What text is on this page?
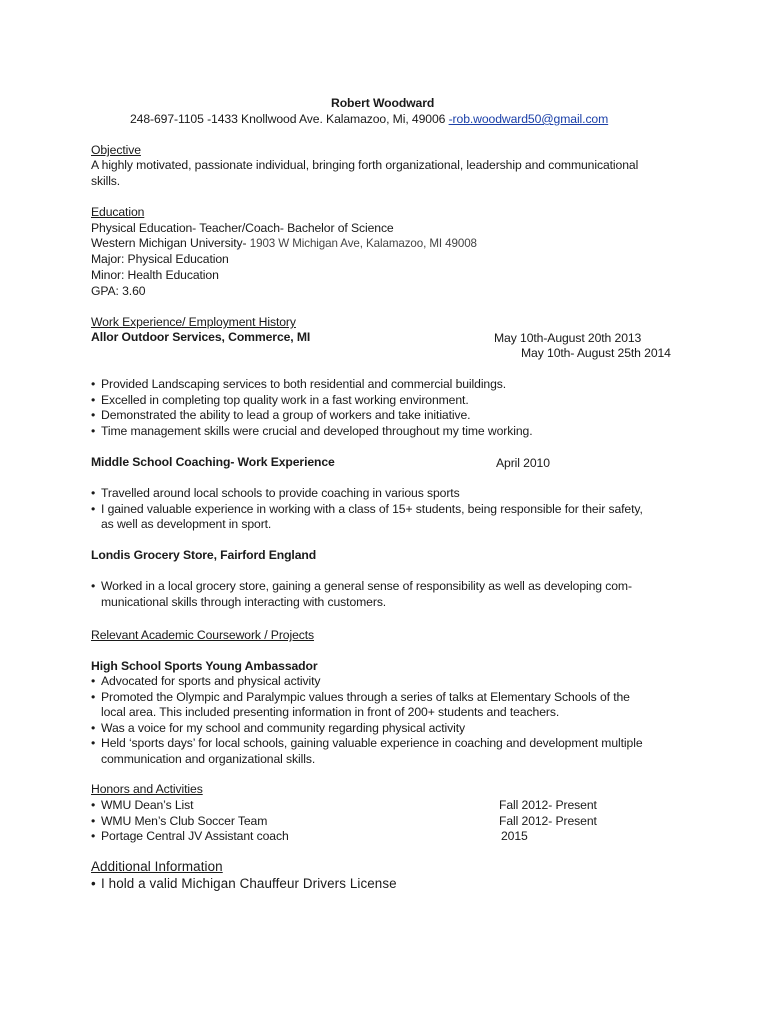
Robert Woodward
248-697-1105 -1433 Knollwood Ave. Kalamazoo, Mi, 49006 -rob.woodward50@gmail.com
Objective
A highly motivated, passionate individual, bringing forth organizational, leadership and communicational
skills.
Education
Physical Education- Teacher/Coach- Bachelor of Science
Western Michigan University- 1903 W Michigan Ave, Kalamazoo, MI 49008
Major: Physical Education
Minor: Health Education
GPA: 3.60
Work Experience/ Employment History
Allor Outdoor Services, Commerce, MI	May 10th-August 20th 2013
May 10th- August 25th 2014
• Provided Landscaping services to both residential and commercial buildings.
• Excelled in completing top quality work in a fast working environment.
• Demonstrated the ability to lead a group of workers and take initiative.
• Time management skills were crucial and developed throughout my time working.
Middle School Coaching- Work Experience	April 2010
• Travelled around local schools to provide coaching in various sports
• I gained valuable experience in working with a class of 15+ students, being responsible for their safety,
as well as development in sport.
Londis Grocery Store, Fairford England
• Worked in a local grocery store, gaining a general sense of responsibility as well as developing com-
municational skills through interacting with customers.
Relevant Academic Coursework / Projects
High School Sports Young Ambassador
• Advocated for sports and physical activity
• Promoted the Olympic and Paralympic values through a series of talks at Elementary Schools of the
local area. This included presenting information in front of 200+ students and teachers.
• Was a voice for my school and community regarding physical activity
• Held ‘sports days’ for local schools, gaining valuable experience in coaching and development multiple
communication and organizational skills.
Honors and Activities
• WMU Dean’s List
• WMU Men’s Club Soccer Team
• Portage Central JV Assistant coach
Fall 2012- Present
Fall 2012- Present
2015
Additional Information
• I hold a valid Michigan Chauffeur Drivers License
